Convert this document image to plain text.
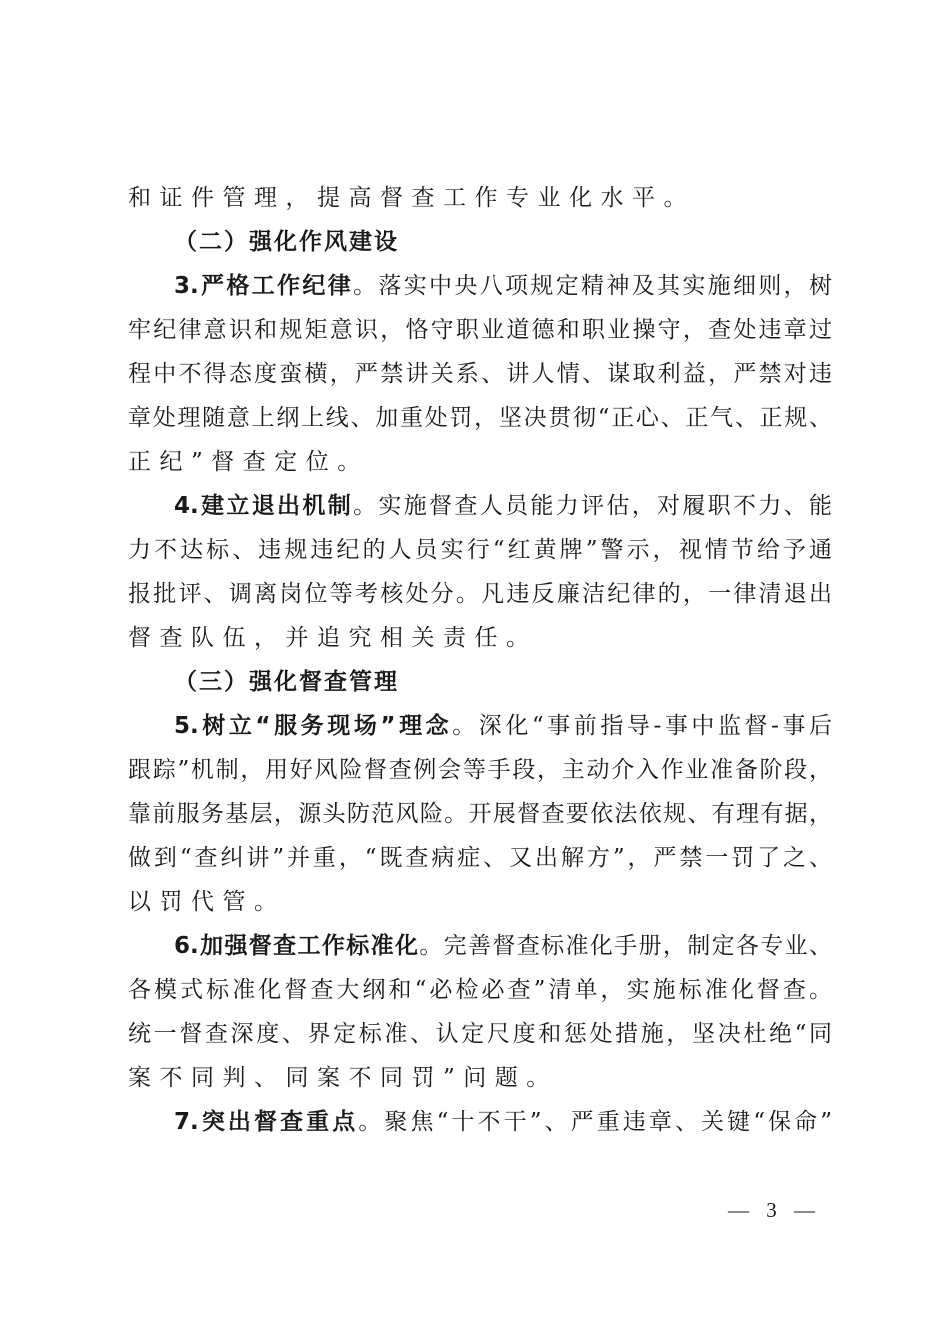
和证件管理，提高督查工作专业化水平。
（二）强化作风建设
3.严格工作纪律。落实中央八项规定精神及其实施细则，树
牢纪律意识和规矩意识，恪守职业道德和职业操守，查处违章过
程中不得态度蛮横，严禁讲关系、讲人情、谋取利益，严禁对违
章处理随意上纲上线、加重处罚，坚决贯彻“正心、正气、正规、
正纪”督查定位。
4.建立退出机制。实施督查人员能力评估，对履职不力、能
力不达标、违规违纪的人员实行“红黄牌”警示，视情节给予通
报批评、调离岗位等考核处分。凡违反廉洁纪律的，一律清退出
督查队伍，并追究相关责任。
（三）强化督查管理
5.树立“服务现场”理念。深化“事前指导-事中监督-事后
跟踪”机制，用好风险督查例会等手段，主动介入作业准备阶段，
靠前服务基层，源头防范风险。开展督查要依法依规、有理有据，
做到“查纠讲”并重，“既查病症、又出解方”，严禁一罚了之、
以罚代管。
6.加强督查工作标准化。完善督查标准化手册，制定各专业、
各模式标准化督查大纲和“必检必查”清单，实施标准化督查。
统一督查深度、界定标准、认定尺度和惩处措施，坚决杜绝“同
案不同判、同案不同罚”问题。
7.突出督查重点。聚焦“十不干”、严重违章、关键“保命”
— 3 —
